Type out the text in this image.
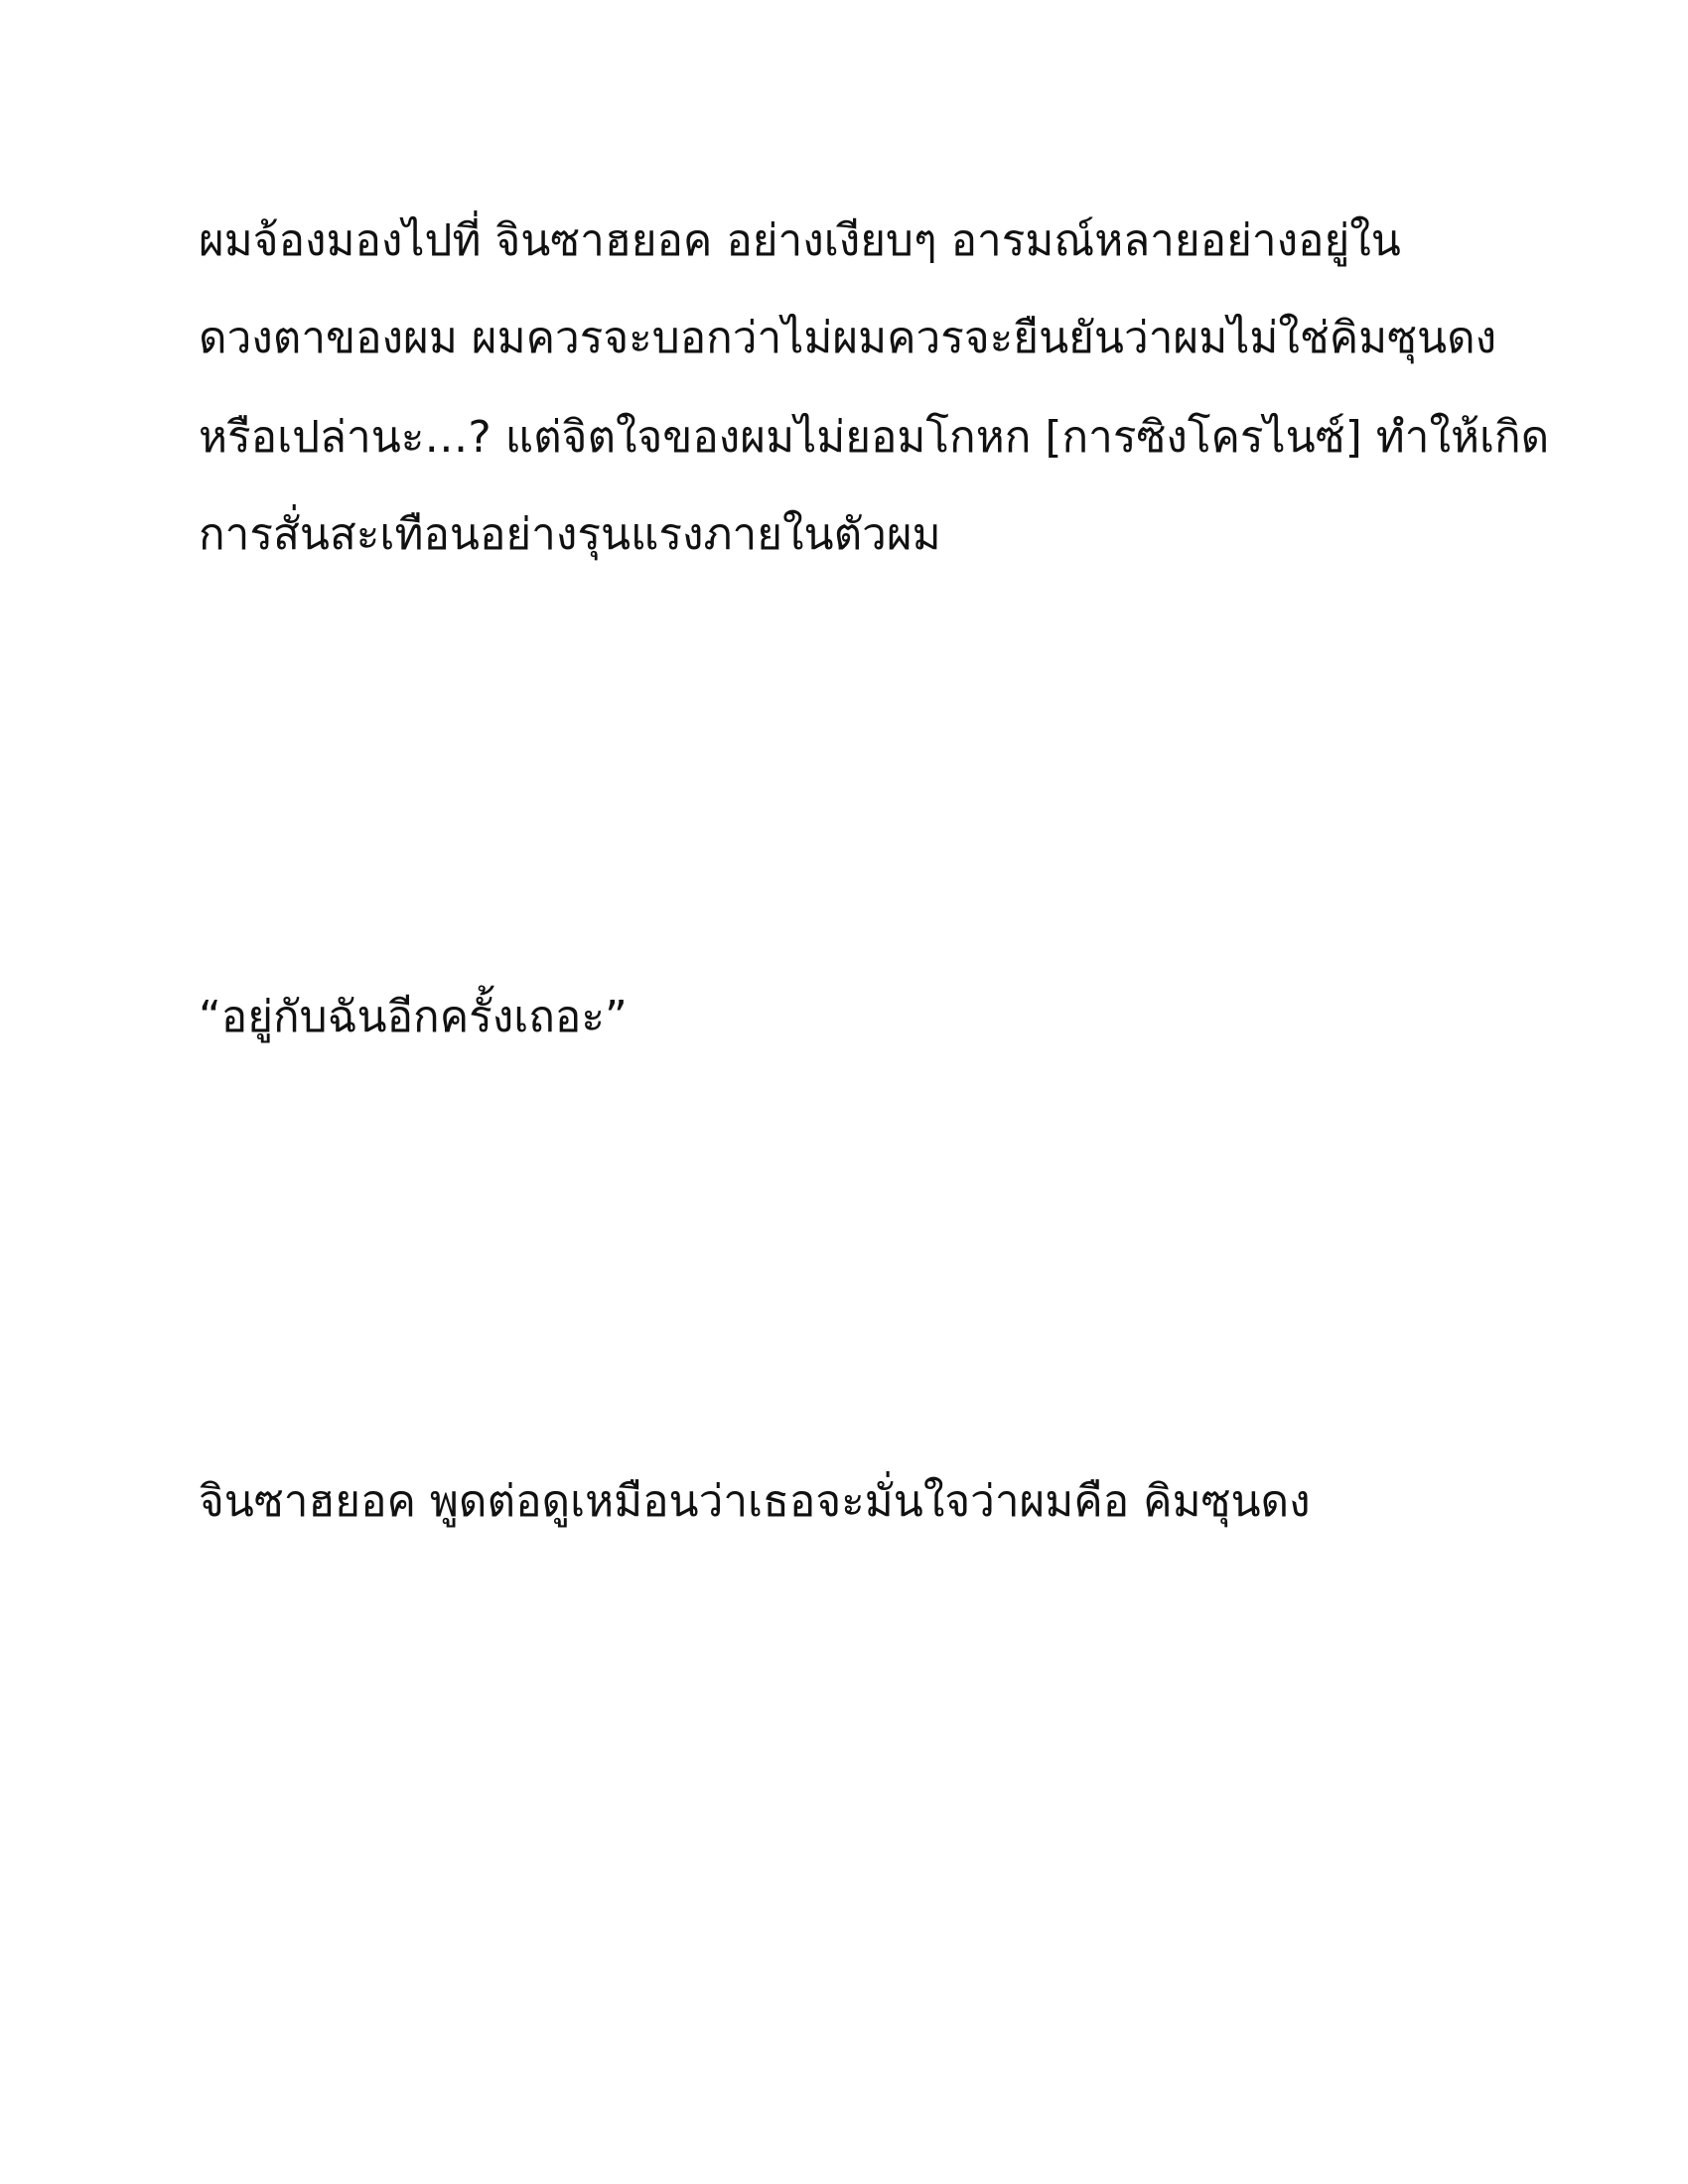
ผมจ้องมองไปที่ จินซาฮยอค อย่างเงียบๆ อารมณ์หลายอย่างอยู่ใน
ดวงตาของผม ผมควรจะบอกว่าไม่ผมควรจะยืนยันว่าผมไม่ใช่คิมซุนดง
หรือเปล่านะ…? แต่จิตใจของผมไม่ยอมโกหก [การซิงโครไนซ์] ทำให้เกิด
การสั่นสะเทือนอย่างรุนแรงภายในตัวผม
“อยู่กับฉันอีกครั้งเถอะ”
จินซาฮยอค พูดต่อดูเหมือนว่าเธอจะมั่นใจว่าผมคือ คิมซุนดง
